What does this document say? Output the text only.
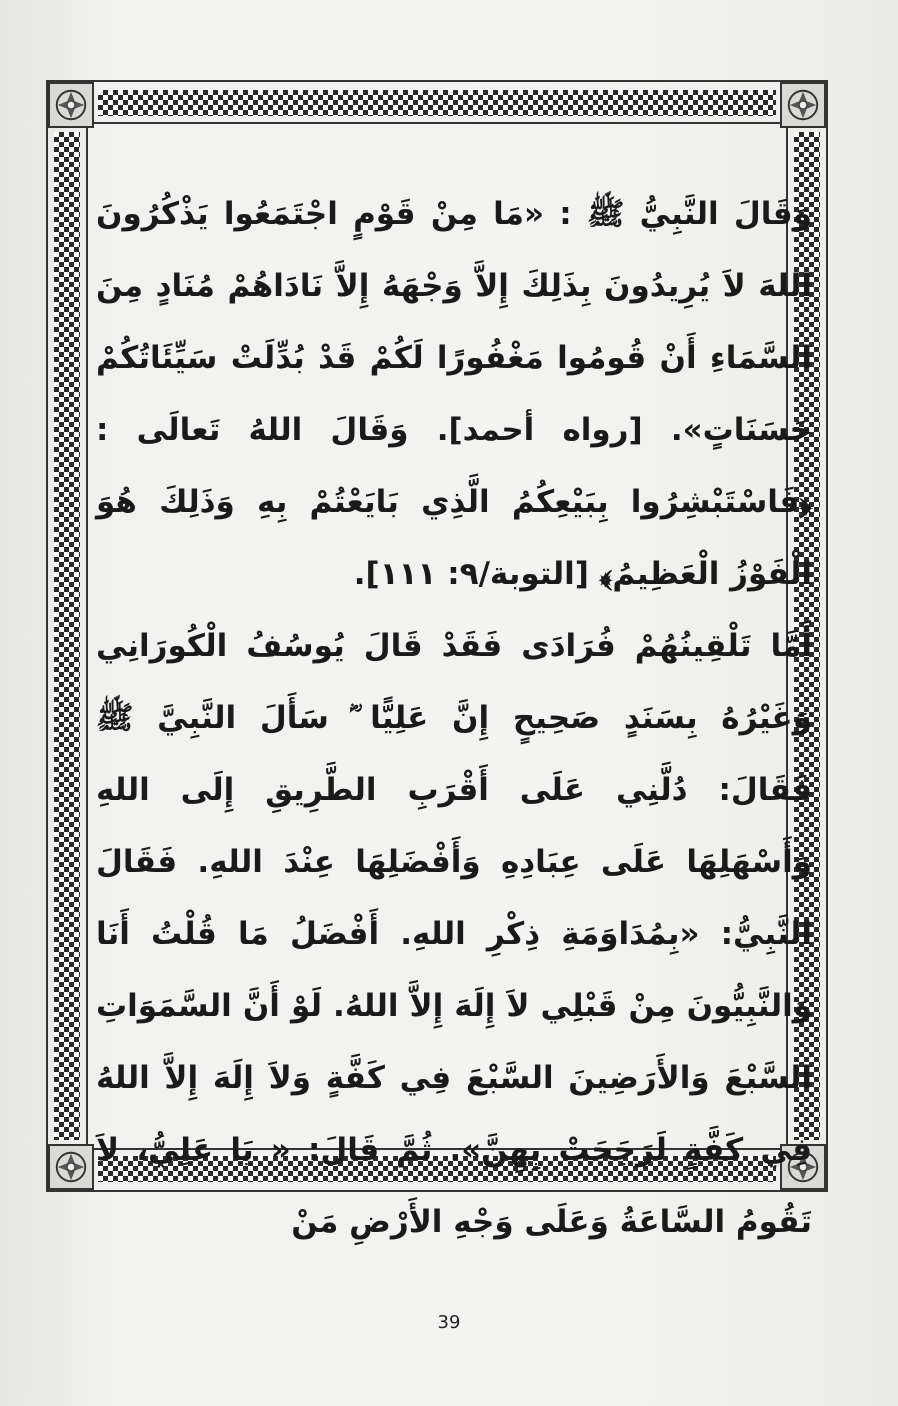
وَقَالَ النَّبِيُّ ﷺ : «مَا مِنْ قَوْمٍ اجْتَمَعُوا يَذْكُرُونَ اللهَ لاَ يُرِيدُونَ بِذَلِكَ إِلاَّ وَجْهَهُ إِلاَّ نَادَاهُمْ مُنَادٍ مِنَ السَّمَاءِ أَنْ قُومُوا مَغْفُورًا لَكُمْ قَدْ بُدِّلَتْ سَيِّئَاتُكُمْ حَسَنَاتٍ». [رواه أحمد]. وَقَالَ اللهُ تَعالَى : ﴿فَاسْتَبْشِرُوا بِبَيْعِكُمُ الَّذِي بَايَعْتُمْ بِهِ وَذَلِكَ هُوَ الْفَوْزُ الْعَظِيمُ﴾ [التوبة/٩: ١١١].

أَمَّا تَلْقِينُهُمْ فُرَادَى فَقَدْ قَالَ يُوسُفُ الْكُورَانِي وَغَيْرُهُ بِسَنَدٍ صَحِيحٍ إِنَّ عَلِيًّا ؓ سَأَلَ النَّبِيَّ ﷺ فَقَالَ: دُلَّنِي عَلَى أَقْرَبِ الطَّرِيقِ إِلَى اللهِ وَأَسْهَلِهَا عَلَى عِبَادِهِ وَأَفْضَلِهَا عِنْدَ اللهِ. فَقَالَ النَّبِيُّ: «بِمُدَاوَمَةِ ذِكْرِ اللهِ. أَفْضَلُ مَا قُلْتُ أَنَا وَالنَّبِيُّونَ مِنْ قَبْلِي لاَ إِلَهَ إِلاَّ اللهُ. لَوْ أَنَّ السَّمَوَاتِ السَّبْعَ وَالأَرَضِينَ السَّبْعَ فِي كَفَّةٍ وَلاَ إِلَهَ إِلاَّ اللهُ فِي كَفَّةٍ لَرَجَحَتْ بِهِنَّ». ثُمَّ قَالَ: « يَا عَلِيُّ، لاَ تَقُومُ السَّاعَةُ وَعَلَى وَجْهِ الأَرْضِ مَنْ

39
